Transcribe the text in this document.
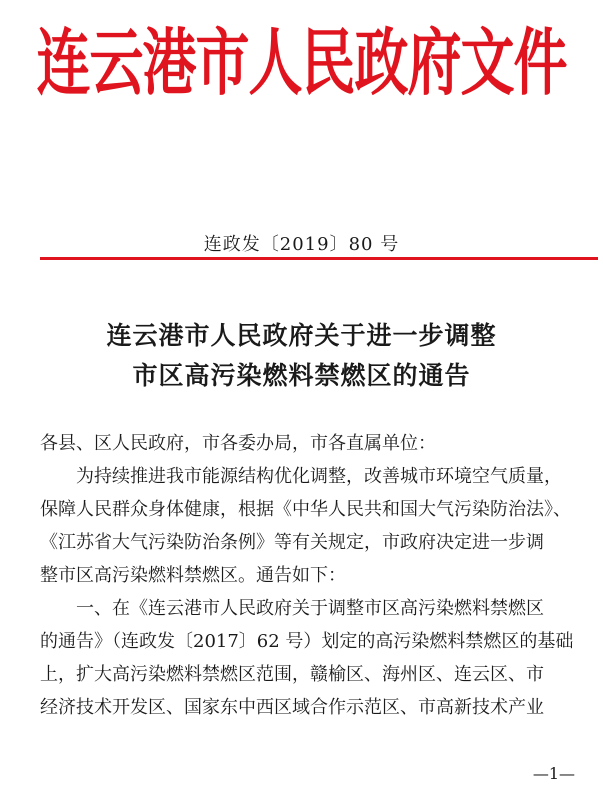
连云港市人民政府文件
连政发〔2019〕80 号
连云港市人民政府关于进一步调整
市区高污染燃料禁燃区的通告
各县、区人民政府，市各委办局，市各直属单位：
为持续推进我市能源结构优化调整，改善城市环境空气质量，
保障人民群众身体健康，根据《中华人民共和国大气污染防治法》、
《江苏省大气污染防治条例》等有关规定，市政府决定进一步调
整市区高污染燃料禁燃区。通告如下：
一、在《连云港市人民政府关于调整市区高污染燃料禁燃区
的通告》（连政发〔2017〕62 号）划定的高污染燃料禁燃区的基础
上，扩大高污染燃料禁燃区范围，赣榆区、海州区、连云区、市
经济技术开发区、国家东中西区域合作示范区、市高新技术产业
—1—
